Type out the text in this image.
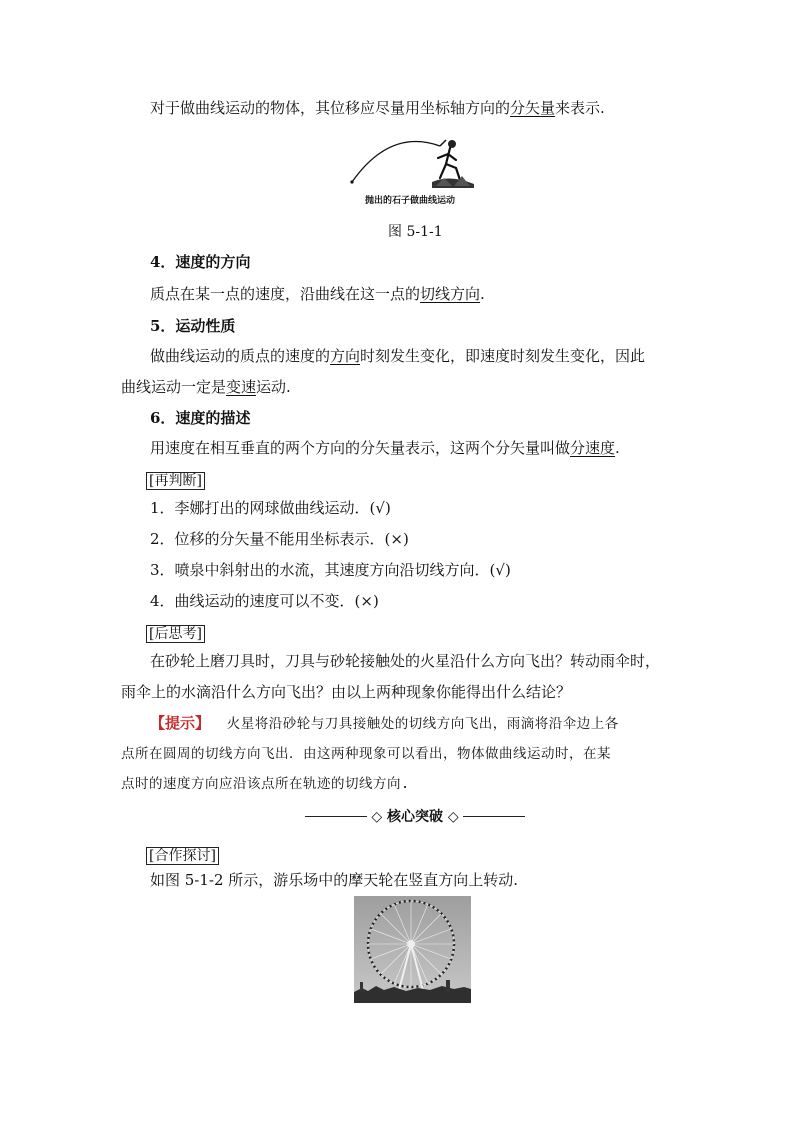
对于做曲线运动的物体，其位移应尽量用坐标轴方向的分矢量来表示.
抛出的石子做曲线运动
图 5-1-1
4．速度的方向
质点在某一点的速度，沿曲线在这一点的切线方向.
5．运动性质
做曲线运动的质点的速度的方向时刻发生变化，即速度时刻发生变化，因此
曲线运动一定是变速运动.
6．速度的描述
用速度在相互垂直的两个方向的分矢量表示，这两个分矢量叫做分速度.
[再判断]
1．李娜打出的网球做曲线运动．(√)
2．位移的分矢量不能用坐标表示．(×)
3．喷泉中斜射出的水流，其速度方向沿切线方向．(√)
4．曲线运动的速度可以不变．(×)
[后思考]
在砂轮上磨刀具时，刀具与砂轮接触处的火星沿什么方向飞出？转动雨伞时，
雨伞上的水滴沿什么方向飞出？由以上两种现象你能得出什么结论？
【提示】 火星将沿砂轮与刀具接触处的切线方向飞出，雨滴将沿伞边上各
点所在圆周的切线方向飞出．由这两种现象可以看出，物体做曲线运动时，在某
点时的速度方向应沿该点所在轨迹的切线方向.
◇ 核心突破 ◇
[合作探讨]
如图 5-1-2 所示，游乐场中的摩天轮在竖直方向上转动.
